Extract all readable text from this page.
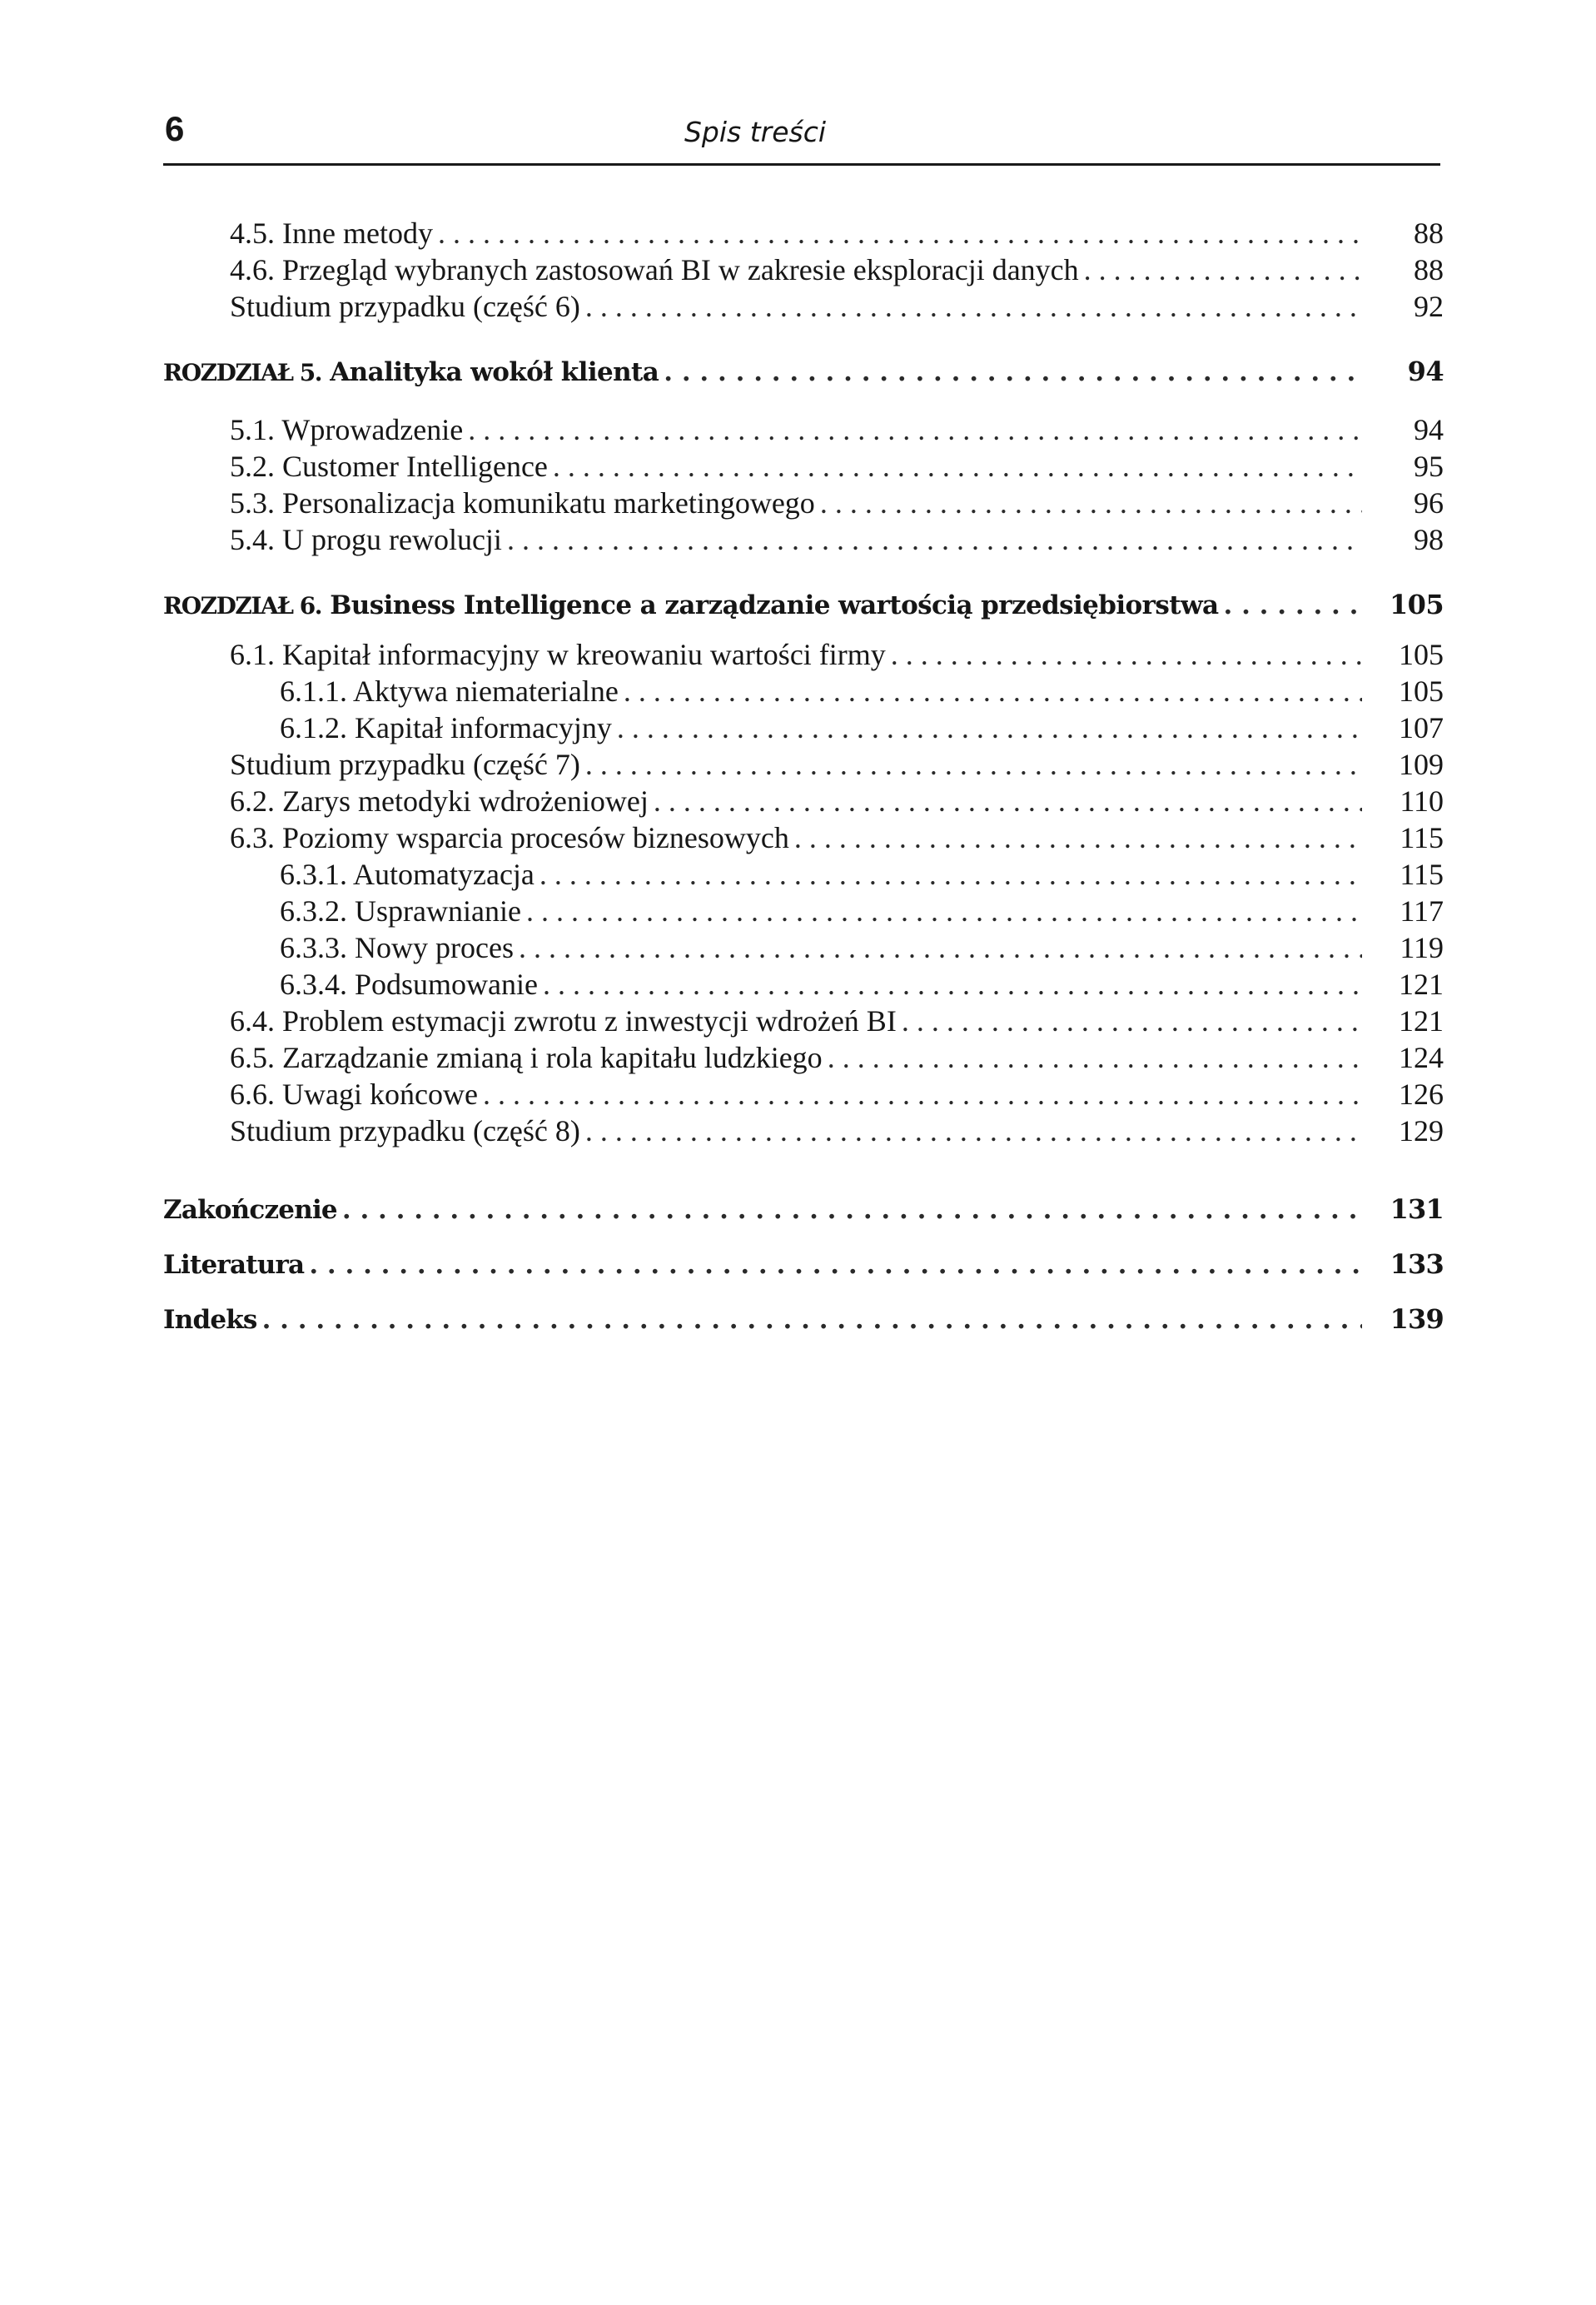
6	Spis treści
4.5. Inne metody . . .	88
4.6. Przegląd wybranych zastosowań BI w zakresie eksploracji danych . . .	88
Studium przypadku (część 6) . . .	92
ROZDZIAŁ 5. Analityka wokół klienta . . .	94
5.1. Wprowadzenie . . .	94
5.2. Customer Intelligence . . .	95
5.3. Personalizacja komunikatu marketingowego . . .	96
5.4. U progu rewolucji . . .	98
ROZDZIAŁ 6. Business Intelligence a zarządzanie wartością przedsiębiorstwa . . .	105
6.1. Kapitał informacyjny w kreowaniu wartości firmy . . .	105
6.1.1. Aktywa niematerialne . . .	105
6.1.2. Kapitał informacyjny . . .	107
Studium przypadku (część 7) . . .	109
6.2. Zarys metodyki wdrożeniowej . . .	110
6.3. Poziomy wsparcia procesów biznesowych . . .	115
6.3.1. Automatyzacja . . .	115
6.3.2. Usprawnianie . . .	117
6.3.3. Nowy proces . . .	119
6.3.4. Podsumowanie . . .	121
6.4. Problem estymacji zwrotu z inwestycji wdrożeń BI . . .	121
6.5. Zarządzanie zmianą i rola kapitału ludzkiego . . .	124
6.6. Uwagi końcowe . . .	126
Studium przypadku (część 8) . . .	129
Zakończenie . . .	131
Literatura . . .	133
Indeks . . .	139
